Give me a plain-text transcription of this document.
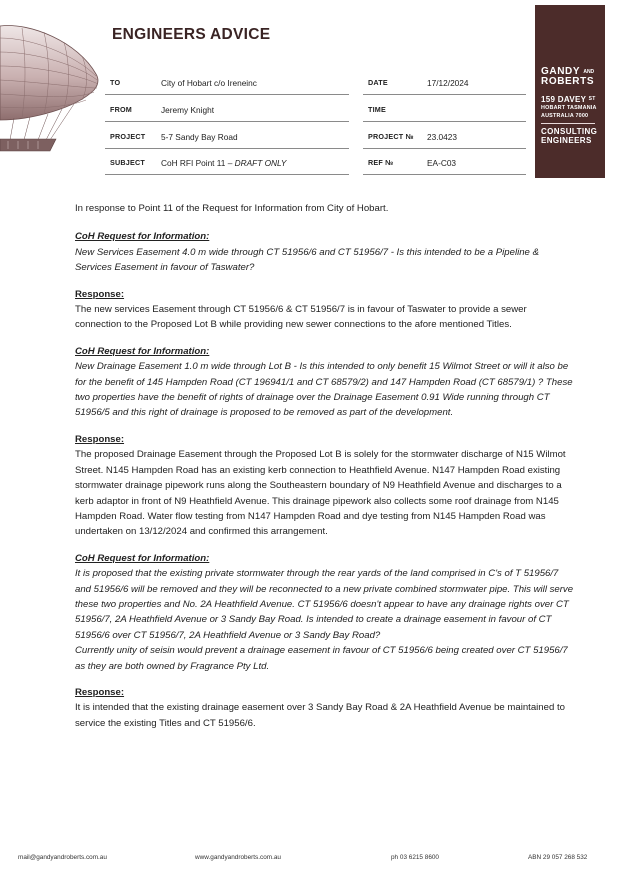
ENGINEERS ADVICE
GANDY $^{AND}$
ROBERTS
159 DAVEY $^{ST}$
HOBART TASMANIA
AUSTRALIA 7000
CONSULTING
ENGINEERS
TO	City of Hobart c/o Ireneinc
FROM	Jeremy Knight
PROJECT 5-7 Sandy Bay Road
SUBJECT CoH RFI Point 11 – DRAFT ONLY
DATE	17/12/2024
TIME
PROJECT № 23.0423
REF №	EA-C03

In response to Point 11 of the Request for Information from City of Hobart.

CoH Request for Information:

New Services Easement 4.0 m wide through CT 51956/6 and CT 51956/7 - Is this intended to be a Pipeline & Services Easement in favour of Taswater?

Response:

The new services Easement through CT 51956/6 & CT 51956/7 is in favour of Taswater to provide a sewer connection to the Proposed Lot B while providing new sewer connections to the afore mentioned Titles.

CoH Request for Information:

New Drainage Easement 1.0 m wide through Lot B - Is this intended to only benefit 15 Wilmot Street or will it also be for the benefit of 145 Hampden Road (CT 196941/1 and CT 68579/2) and 147 Hampden Road (CT 68579/1) ? These two properties have the benefit of rights of drainage over the Drainage Easement 0.91 Wide running through CT 51956/5 and this right of drainage is proposed to be removed as part of the development.

Response:

The proposed Drainage Easement through the Proposed Lot B is solely for the stormwater discharge of N15 Wilmot Street. N145 Hampden Road has an existing kerb connection to Heathfield Avenue. N147 Hampden Road existing stormwater drainage pipework runs along the Southeastern boundary of N9 Heathfield Avenue and discharges to a kerb adaptor in front of N9 Heathfield Avenue. This drainage pipework also collects some roof drainage from N145 Hampden Road. Water flow testing from N147 Hampden Road and dye testing from N145 Hampden Road was undertaken on 13/12/2024 and confirmed this arrangement.

CoH Request for Information:

It is proposed that the existing private stormwater through the rear yards of the land comprised in C's of T 51956/7 and 51956/6 will be removed and they will be reconnected to a new private combined stormwater pipe. This will serve these two properties and No. 2A Heathfield Avenue. CT 51956/6 doesn't appear to have any drainage rights over CT 51956/7, 2A Heathfield Avenue or 3 Sandy Bay Road. Is intended to create a drainage easement in favour of CT 51956/6 over CT 51956/7, 2A Heathfield Avenue or 3 Sandy Bay Road?

Currently unity of seisin would prevent a drainage easement in favour of CT 51956/6 being created over CT 51956/7 as they are both owned by Fragrance Pty Ltd.

Response:

It is intended that the existing drainage easement over 3 Sandy Bay Road & 2A Heathfield Avenue be maintained to service the existing Titles and CT 51956/6.

mail@gandyandroberts.com.au	www.gandyandroberts.com.au	ph 03 6215 8600	ABN 29 057 268 532
